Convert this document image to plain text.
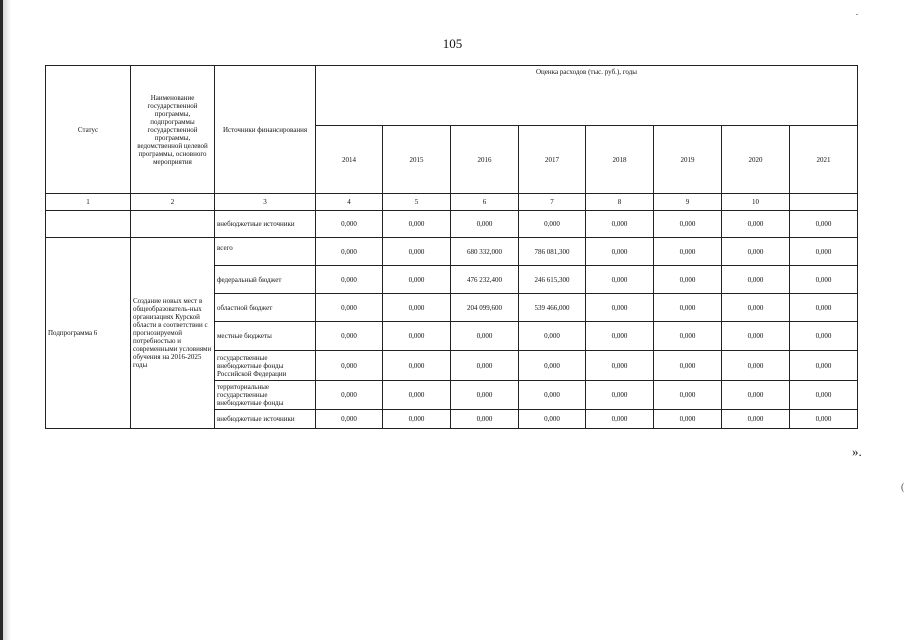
105
Статус	Наименование государственной программы, подпрограммы государственной программы, ведомственной целевой программы, основного мероприятия	Источники финансирования	Оценка расходов (тыс. руб.), годы							
			2014	2015	2016	2017	2018	2019	2020	2021
1	2	3	4	5	6	7	8	9	10	
		внебюджетные источники	0,000	0,000	0,000	0,000	0,000	0,000	0,000	0,000
Подпрограмма 6	Создание новых мест в общеобразователь-ных организациях Курской области в соответствии с прогнозируемой потребностью и современными условиями обучения на 2016-2025 годы	всего	0,000	0,000	680 332,000	786 081,300	0,000	0,000	0,000	0,000
		федеральный бюджет	0,000	0,000	476 232,400	246 615,300	0,000	0,000	0,000	0,000
		областной бюджет	0,000	0,000	204 099,600	539 466,000	0,000	0,000	0,000	0,000
		местные бюджеты	0,000	0,000	0,000	0,000	0,000	0,000	0,000	0,000
		государственные внебюджетные фонды Российской Федерации	0,000	0,000	0,000	0,000	0,000	0,000	0,000	0,000
		территориальные государственные внебюджетные фонды	0,000	0,000	0,000	0,000	0,000	0,000	0,000	0,000
		внебюджетные источники	0,000	0,000	0,000	0,000	0,000	0,000	0,000	0,000
».
(
